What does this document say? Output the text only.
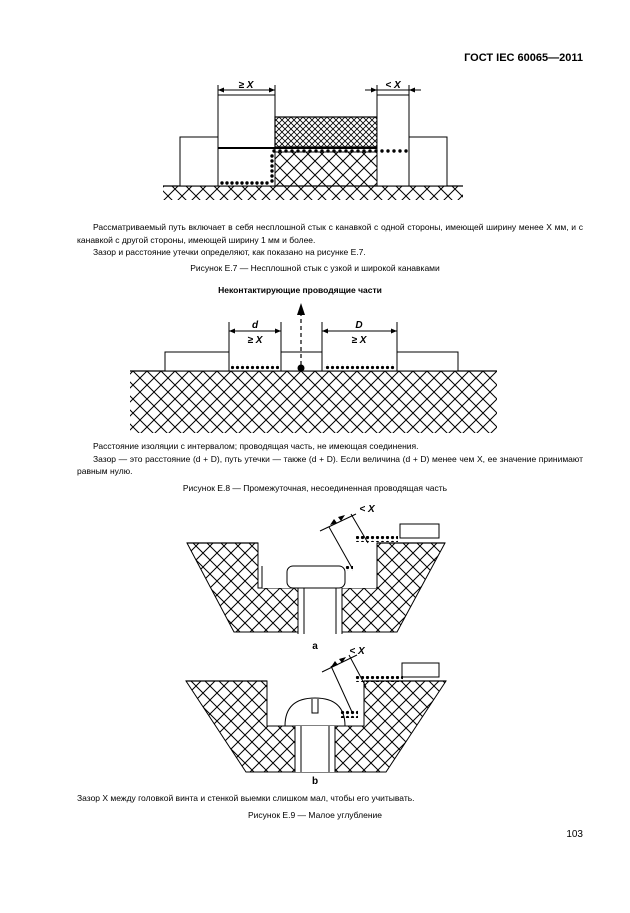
ГОСТ IEC 60065—2011
≥ X	< X

Рассматриваемый путь включает в себя несплошной стык с канавкой с одной стороны, имеющей ширину менее X мм, и с канавкой с другой стороны, имеющей ширину 1 мм и более.

Зазор и расстояние утечки определяют, как показано на рисунке Е.7.

Рисунок Е.7 — Несплошной стык с узкой и широкой канавками
Неконтактирующие проводящие части
d
≥ X
D
≥ X

Расстояние изоляции с интервалом; проводящая часть, не имеющая соединения.

Зазор — это расстояние (d + D), путь утечки — также (d + D). Если величина (d + D) менее чем X, ее значение принимают равным нулю.

Рисунок Е.8 — Промежуточная, несоединенная проводящая часть
< X
a	< X
b

Зазор X между головкой винта и стенкой выемки слишком мал, чтобы его учитывать.

Рисунок Е.9 — Малое углубление
103
